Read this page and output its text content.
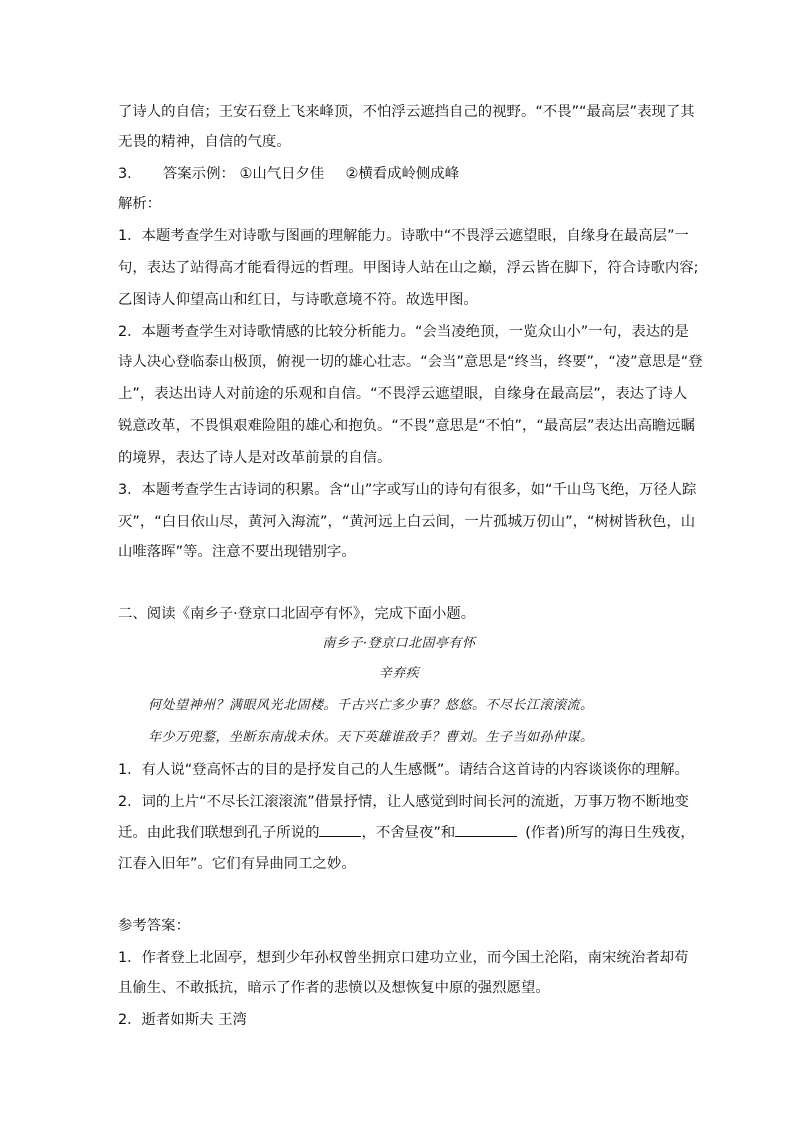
了诗人的自信；王安石登上飞来峰顶，不怕浮云遮挡自己的视野。“不畏”“最高层”表现了其
无畏的精神，自信的气度。
3. 答案示例： ①山气日夕佳 ②横看成岭侧成峰
解析：
1．本题考查学生对诗歌与图画的理解能力。诗歌中“不畏浮云遮望眼，自缘身在最高层”一
句，表达了站得高才能看得远的哲理。甲图诗人站在山之巅，浮云皆在脚下，符合诗歌内容;
乙图诗人仰望高山和红日，与诗歌意境不符。故选甲图。
2．本题考查学生对诗歌情感的比较分析能力。“会当凌绝顶，一览众山小”一句，表达的是
诗人决心登临泰山极顶，俯视一切的雄心壮志。“会当”意思是“终当，终要”，“凌”意思是“登
上”，表达出诗人对前途的乐观和自信。“不畏浮云遮望眼，自缘身在最高层”，表达了诗人
锐意改革，不畏惧艰难险阻的雄心和抱负。“不畏”意思是“不怕”，“最高层”表达出高瞻远瞩
的境界，表达了诗人是对改革前景的自信。
3．本题考查学生古诗词的积累。含“山”字或写山的诗句有很多，如“千山鸟飞绝，万径人踪
灭”，“白日依山尽，黄河入海流”，“黄河远上白云间，一片孤城万仞山”，“树树皆秋色，山
山唯落晖”等。注意不要出现错别字。
二、阅读《南乡子·登京口北固亭有怀》，完成下面小题。
南乡子·登京口北固亭有怀
辛弃疾
何处望神州？满眼风光北固楼。千古兴亡多少事？悠悠。不尽长江滚滚流。
年少万兜鍪，坐断东南战未休。天下英雄谁敌手？曹刘。生子当如孙仲谋。
1．有人说“登高怀古的目的是抒发自己的人生感慨”。请结合这首诗的内容谈谈你的理解。
2．词的上片“不尽长江滚滚流”借景抒情，让人感觉到时间长河的流逝，万事万物不断地变
迁。由此我们联想到孔子所说的	，不舍昼夜”和	(作者)所写的海日生残夜，
江春入旧年”。它们有异曲同工之妙。
参考答案：
1．作者登上北固亭，想到少年孙权曾坐拥京口建功立业，而今国土沦陷，南宋统治者却苟
且偷生、不敢抵抗，暗示了作者的悲愤以及想恢复中原的强烈愿望。
2．逝者如斯夫 王湾
